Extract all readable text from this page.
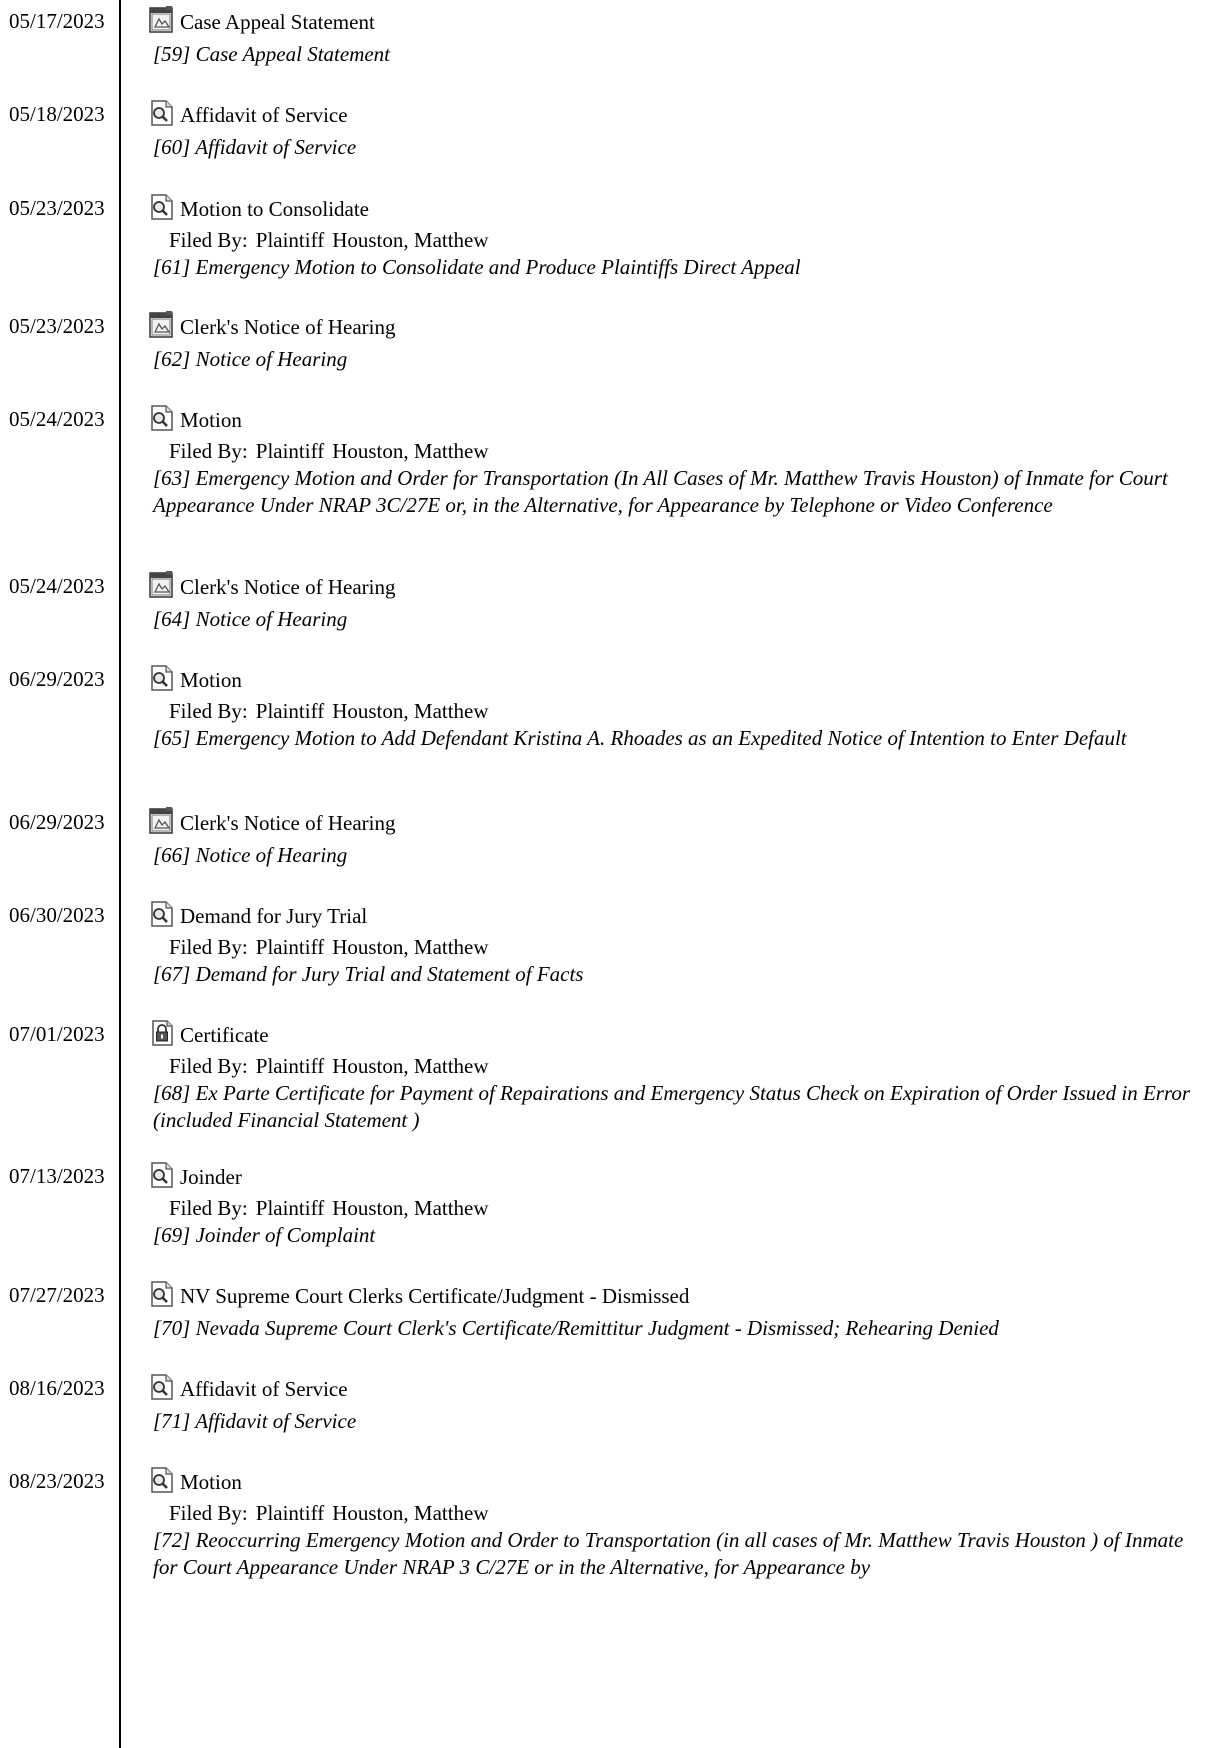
05/17/2023	Case Appeal Statement
[59] Case Appeal Statement
05/18/2023	Affidavit of Service
[60] Affidavit of Service
05/23/2023	Motion to Consolidate
Filed By: Plaintiff Houston, Matthew
[61] Emergency Motion to Consolidate and Produce Plaintiffs Direct Appeal
05/23/2023	Clerk's Notice of Hearing
[62] Notice of Hearing
05/24/2023	Motion
Filed By: Plaintiff Houston, Matthew
[63] Emergency Motion and Order for Transportation (In All Cases of Mr. Matthew Travis Houston) of Inmate for Court Appearance Under NRAP 3C/27E or, in the Alternative, for Appearance by Telephone or Video Conference
05/24/2023	Clerk's Notice of Hearing
[64] Notice of Hearing
06/29/2023	Motion
Filed By: Plaintiff Houston, Matthew
[65] Emergency Motion to Add Defendant Kristina A. Rhoades as an Expedited Notice of Intention to Enter Default
06/29/2023	Clerk's Notice of Hearing
[66] Notice of Hearing
06/30/2023	Demand for Jury Trial
Filed By: Plaintiff Houston, Matthew
[67] Demand for Jury Trial and Statement of Facts
07/01/2023	Certificate
Filed By: Plaintiff Houston, Matthew
[68] Ex Parte Certificate for Payment of Repairations and Emergency Status Check on Expiration of Order Issued in Error (included Financial Statement )
07/13/2023	Joinder
Filed By: Plaintiff Houston, Matthew
[69] Joinder of Complaint
07/27/2023	NV Supreme Court Clerks Certificate/Judgment - Dismissed
[70] Nevada Supreme Court Clerk's Certificate/Remittitur Judgment - Dismissed; Rehearing Denied
08/16/2023	Affidavit of Service
[71] Affidavit of Service
08/23/2023	Motion
Filed By: Plaintiff Houston, Matthew
[72] Reoccurring Emergency Motion and Order to Transportation (in all cases of Mr. Matthew Travis Houston ) of Inmate for Court Appearance Under NRAP 3 C/27E or in the Alternative, for Appearance by
